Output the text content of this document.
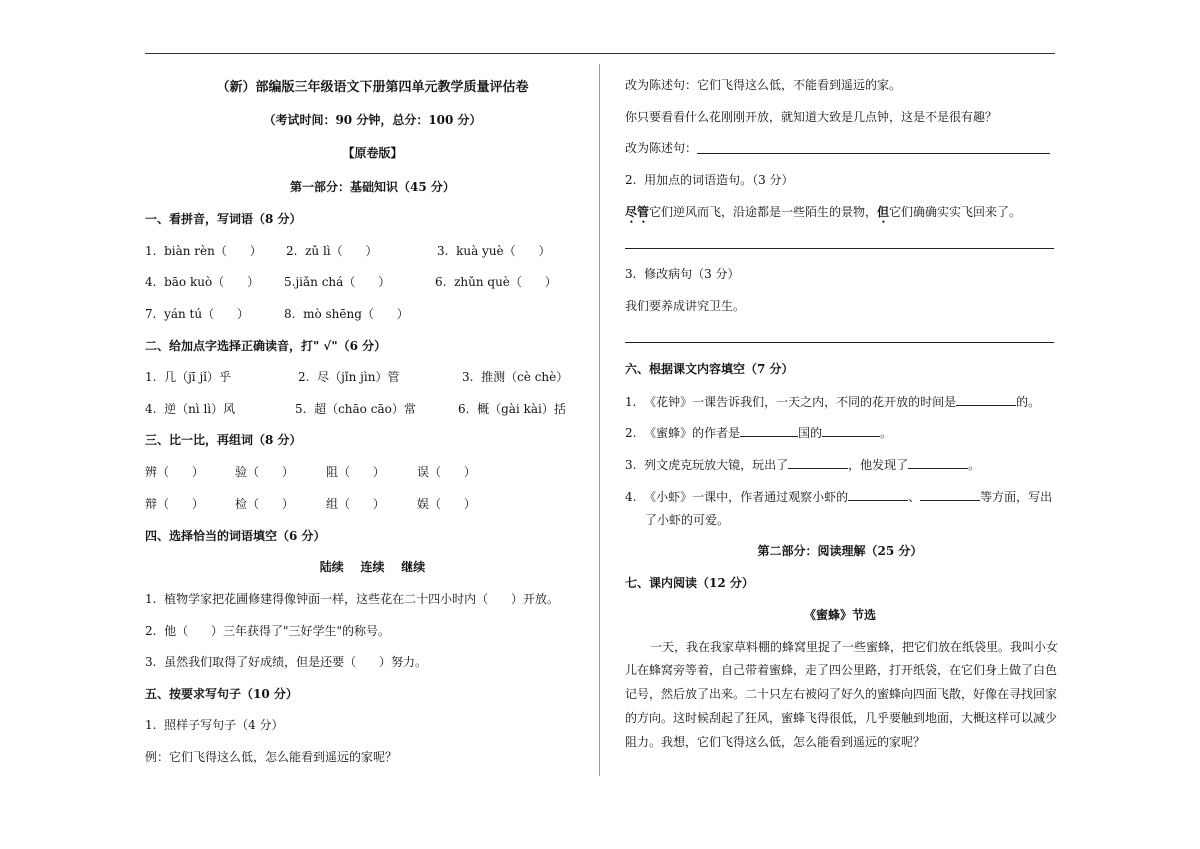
（新）部编版三年级语文下册第四单元教学质量评估卷
（考试时间：90 分钟，总分：100 分）
【原卷版】
第一部分：基础知识（45 分）
一、看拼音，写词语（8 分）
1.  biàn rèn（      ） 2.  zǔ lì（      ）	3.  kuà yuè（      ）
4.  bāo kuò（      ） 5.jiǎn chá（      ）	6.  zhǔn què（      ）
7.  yán tú（      ）	8.  mò shēng（      ）
二、给加点字选择正确读音，打" √"（6 分）
1.  几（jī jǐ）乎	2.  尽（jǐn jìn）管	3.  推测（cè chè）
4.  逆（nì lì）风	5.  超（chāo cāo）常	6.  概（gài kài）括
三、比一比，再组词（8 分）
辨（      ）	验（      ）	阻（      ）	误（      ）
辩（      ）	检（      ）	组（      ）	娱（      ）
四、选择恰当的词语填空（6 分）
陆续    连续    继续
1.  植物学家把花圃修建得像钟面一样，这些花在二十四小时内（      ）开放。
2.  他（      ）三年获得了"三好学生"的称号。
3.  虽然我们取得了好成绩，但是还要（      ）努力。
五、按要求写句子（10 分）
1.  照样子写句子（4 分）
例：它们飞得这么低，怎么能看到遥远的家呢？
改为陈述句：它们飞得这么低，不能看到遥远的家。
你只要看看什么花刚刚开放，就知道大致是几点钟，这是不是很有趣？
改为陈述句：
2.  用加点的词语造句。（3 分）
尽管它们逆风而飞，沿途都是一些陌生的景物，但它们确确实实飞回来了。
3.  修改病句（3 分）
我们要养成讲究卫生。
六、根据课文内容填空（7 分）
1.  《花钟》一课告诉我们，一天之内，不同的花开放的时间是	的。
2.  《蜜蜂》的作者是	国的	。
3.  列文虎克玩放大镜，玩出了	，他发现了	。
4.  《小虾》一课中，作者通过观察小虾的	、	等方面，写出
了小虾的可爱。
第二部分：阅读理解（25 分）
七、课内阅读（12 分）
《蜜蜂》节选
一天，我在我家草料棚的蜂窝里捉了一些蜜蜂，把它们放在纸袋里。我叫小女
儿在蜂窝旁等着，自己带着蜜蜂，走了四公里路，打开纸袋，在它们身上做了白色
记号，然后放了出来。二十只左右被闷了好久的蜜蜂向四面飞散，好像在寻找回家
的方向。这时候刮起了狂风，蜜蜂飞得很低，几乎要触到地面，大概这样可以减少
阻力。我想，它们飞得这么低，怎么能看到遥远的家呢？
